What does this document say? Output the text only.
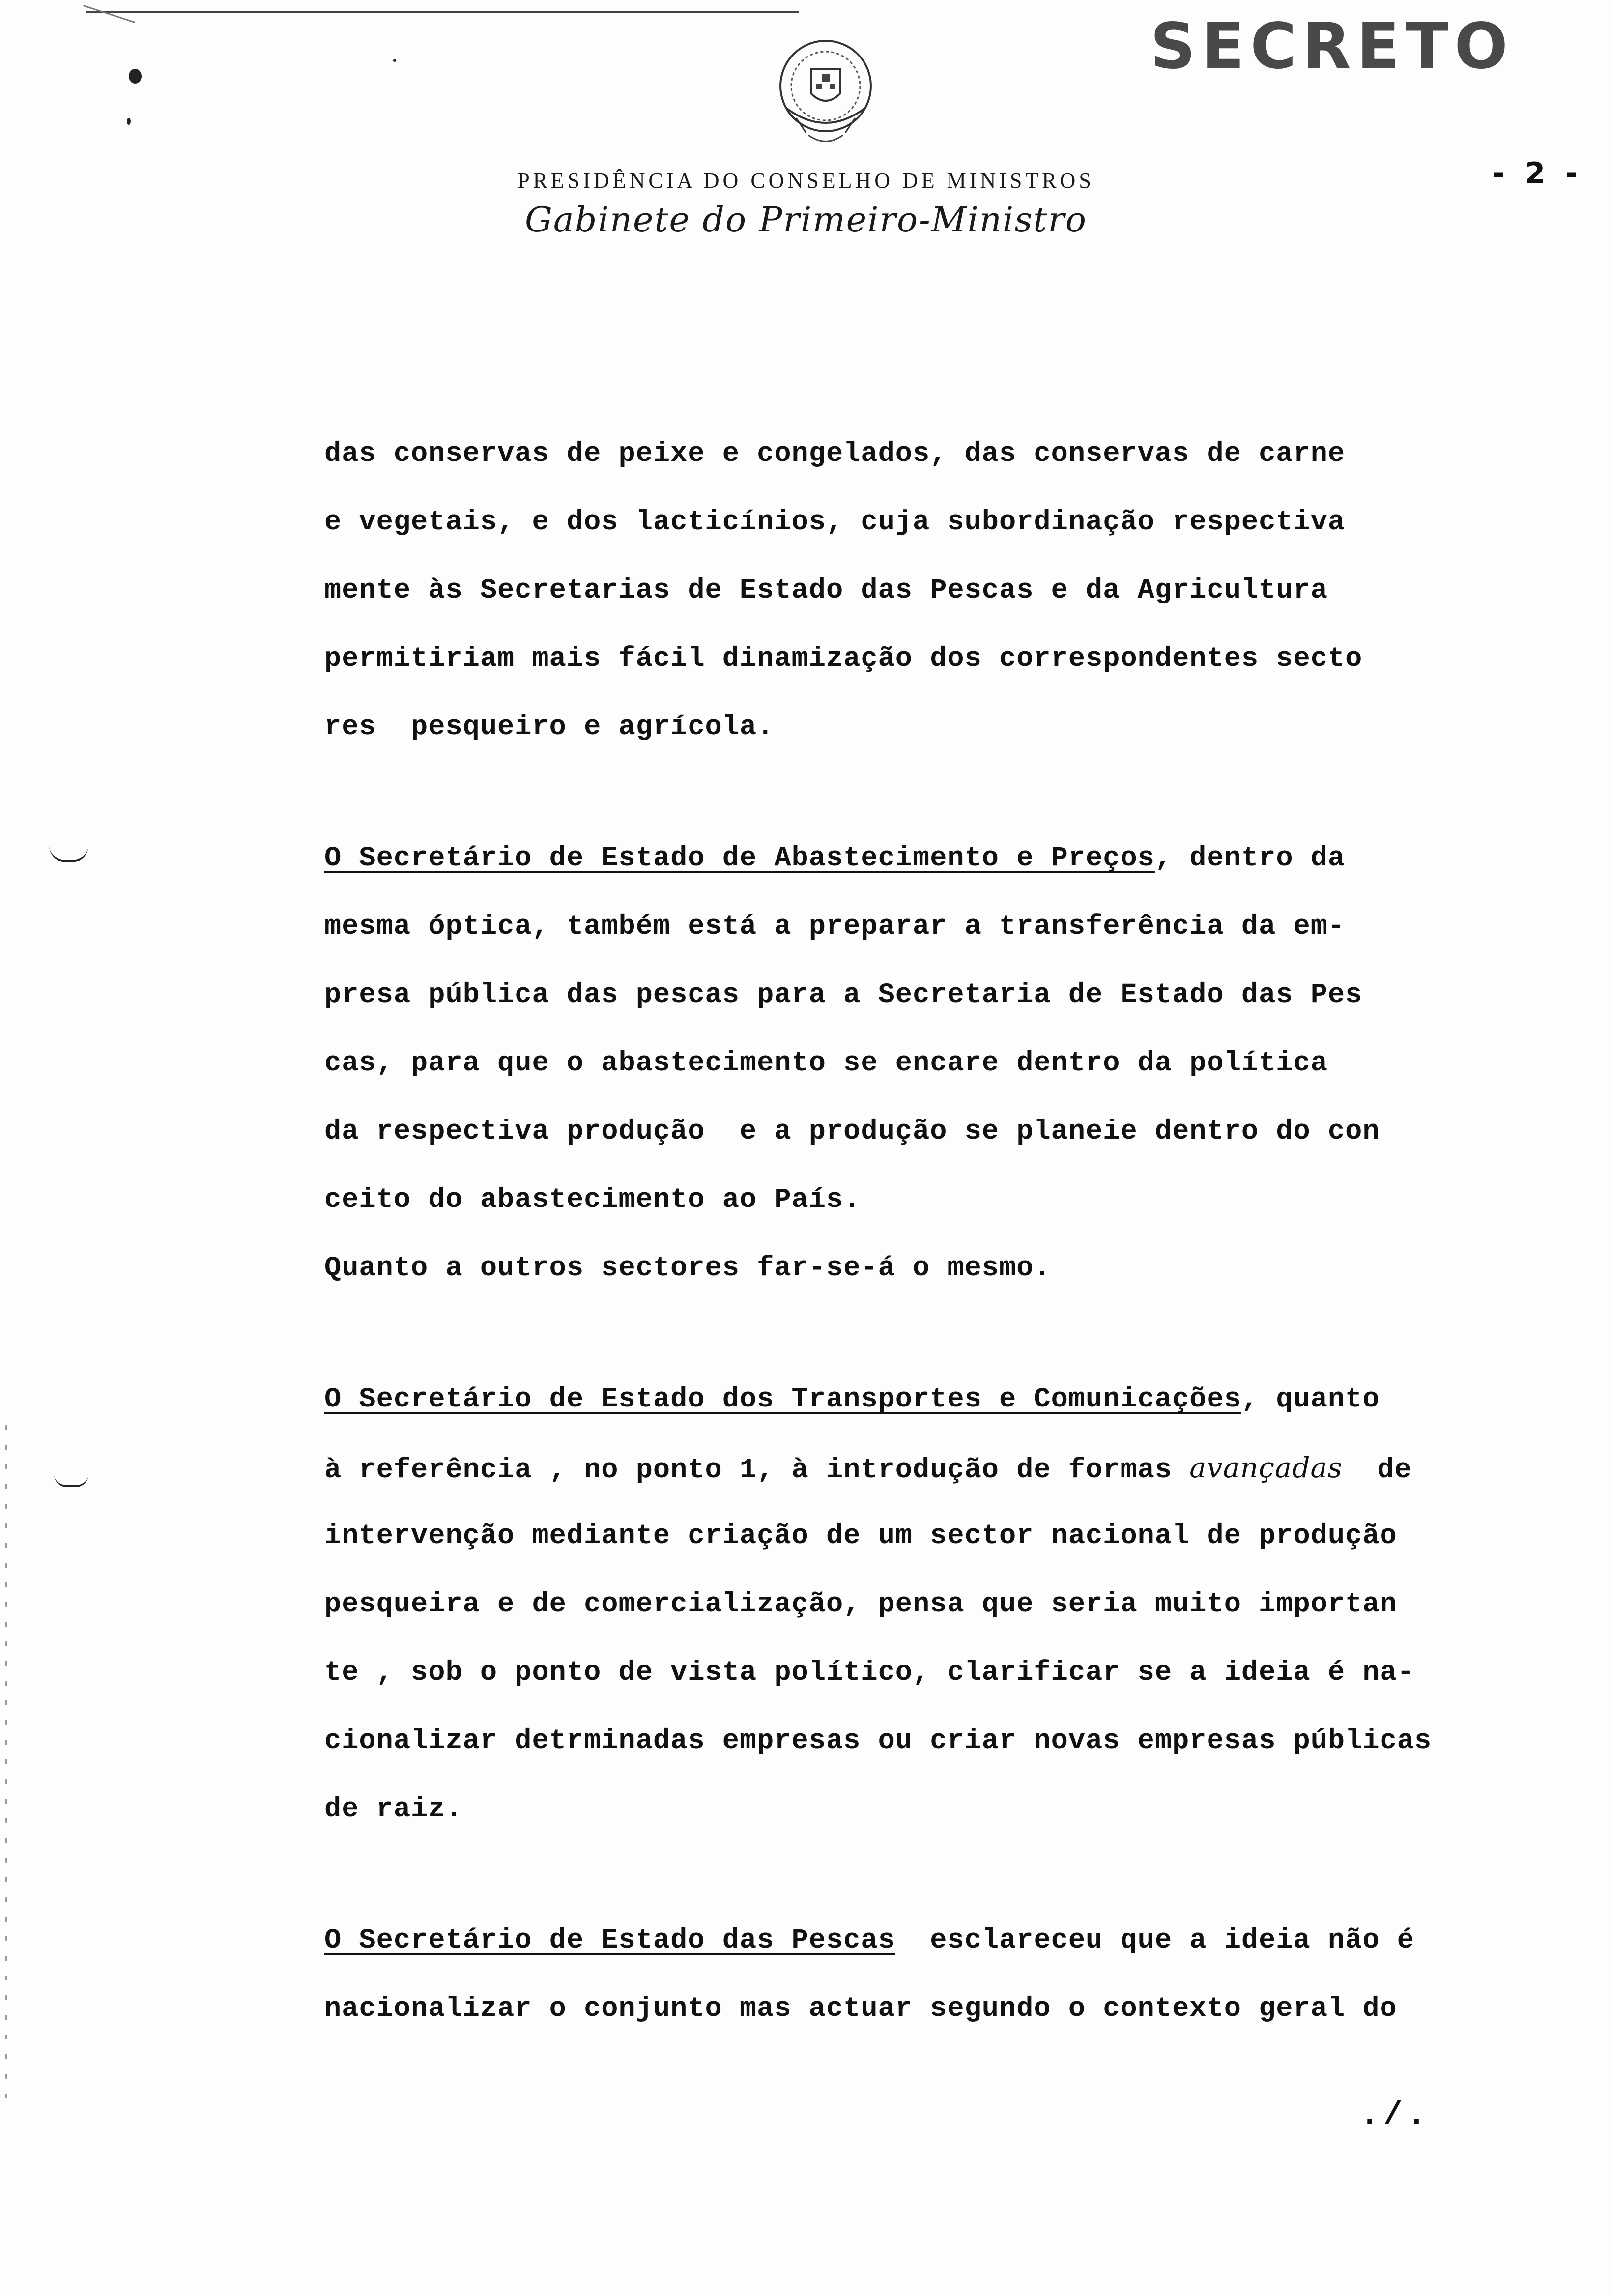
SECRETO
PRESIDÊNCIA DO CONSELHO DE MINISTROS
Gabinete do Primeiro-Ministro
- 2 -
das conservas de peixe e congelados, das conservas de carne
e vegetais, e dos lacticínios, cuja subordinação respectiva
mente às Secretarias de Estado das Pescas e da Agricultura
permitiriam mais fácil dinamização dos correspondentes secto
res  pesqueiro e agrícola.
O Secretário de Estado de Abastecimento e Preços, dentro da
mesma óptica, também está a preparar a transferência da em-
presa pública das pescas para a Secretaria de Estado das Pes
cas, para que o abastecimento se encare dentro da política
da respectiva produção  e a produção se planeie dentro do con
ceito do abastecimento ao País.
Quanto a outros sectores far-se-á o mesmo.
O Secretário de Estado dos Transportes e Comunicações, quanto
à referência , no ponto 1, à introdução de formas avançadas  de
intervenção mediante criação de um sector nacional de produção
pesqueira e de comercialização, pensa que seria muito importan
te , sob o ponto de vista político, clarificar se a ideia é na-
cionalizar detrminadas empresas ou criar novas empresas públicas
de raiz.
O Secretário de Estado das Pescas  esclareceu que a ideia não é
nacionalizar o conjunto mas actuar segundo o contexto geral do
./.
